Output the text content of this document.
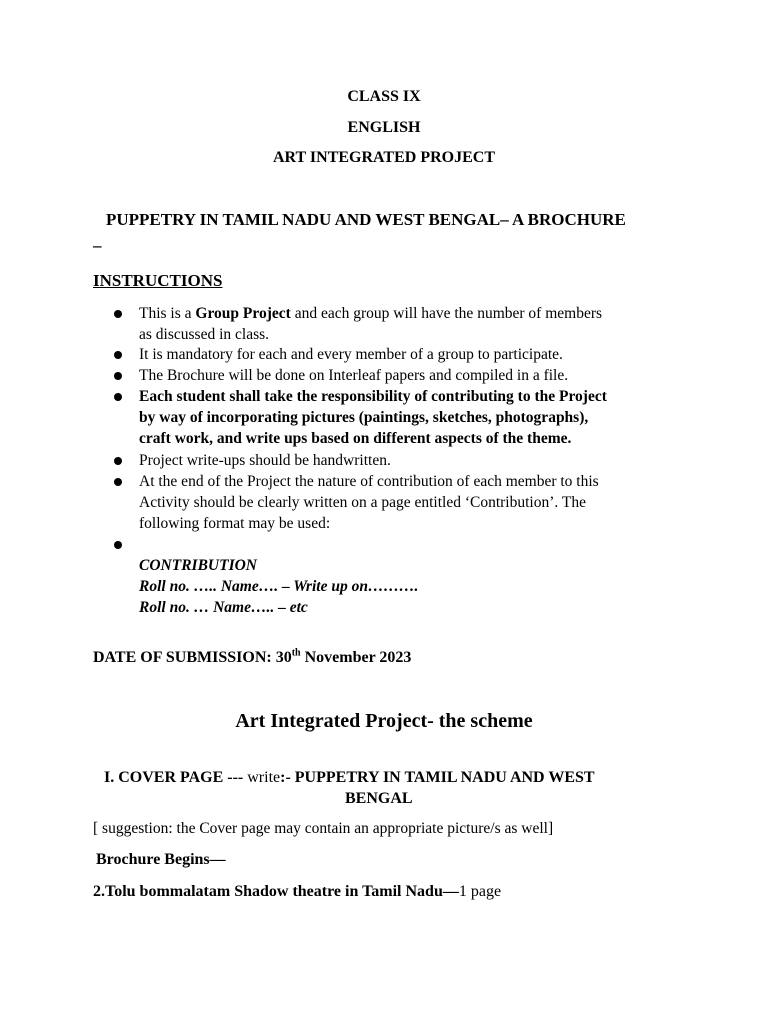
CLASS IX
ENGLISH
ART INTEGRATED PROJECT
PUPPETRY IN TAMIL NADU AND WEST BENGAL– A BROCHURE
–
INSTRUCTIONS
This is a Group Project and each group will have the number of members
as discussed in class.
It is mandatory for each and every member of a group to participate.
The Brochure will be done on Interleaf papers and compiled in a file.
Each student shall take the responsibility of contributing to the Project
by way of incorporating pictures (paintings, sketches, photographs),
craft work, and write ups based on different aspects of the theme.
Project write-ups should be handwritten.
At the end of the Project the nature of contribution of each member to this
Activity should be clearly written on a page entitled ‘Contribution’. The
following format may be used:
CONTRIBUTION
Roll no. ….. Name…. – Write up on……….
Roll no. … Name….. – etc
DATE OF SUBMISSION: 30th November 2023
Art Integrated Project- the scheme
I. COVER PAGE --- write:- PUPPETRY IN TAMIL NADU AND WEST
BENGAL
[ suggestion: the Cover page may contain an appropriate picture/s as well]
Brochure Begins—
2.Tolu bommalatam Shadow theatre in Tamil Nadu—1 page
